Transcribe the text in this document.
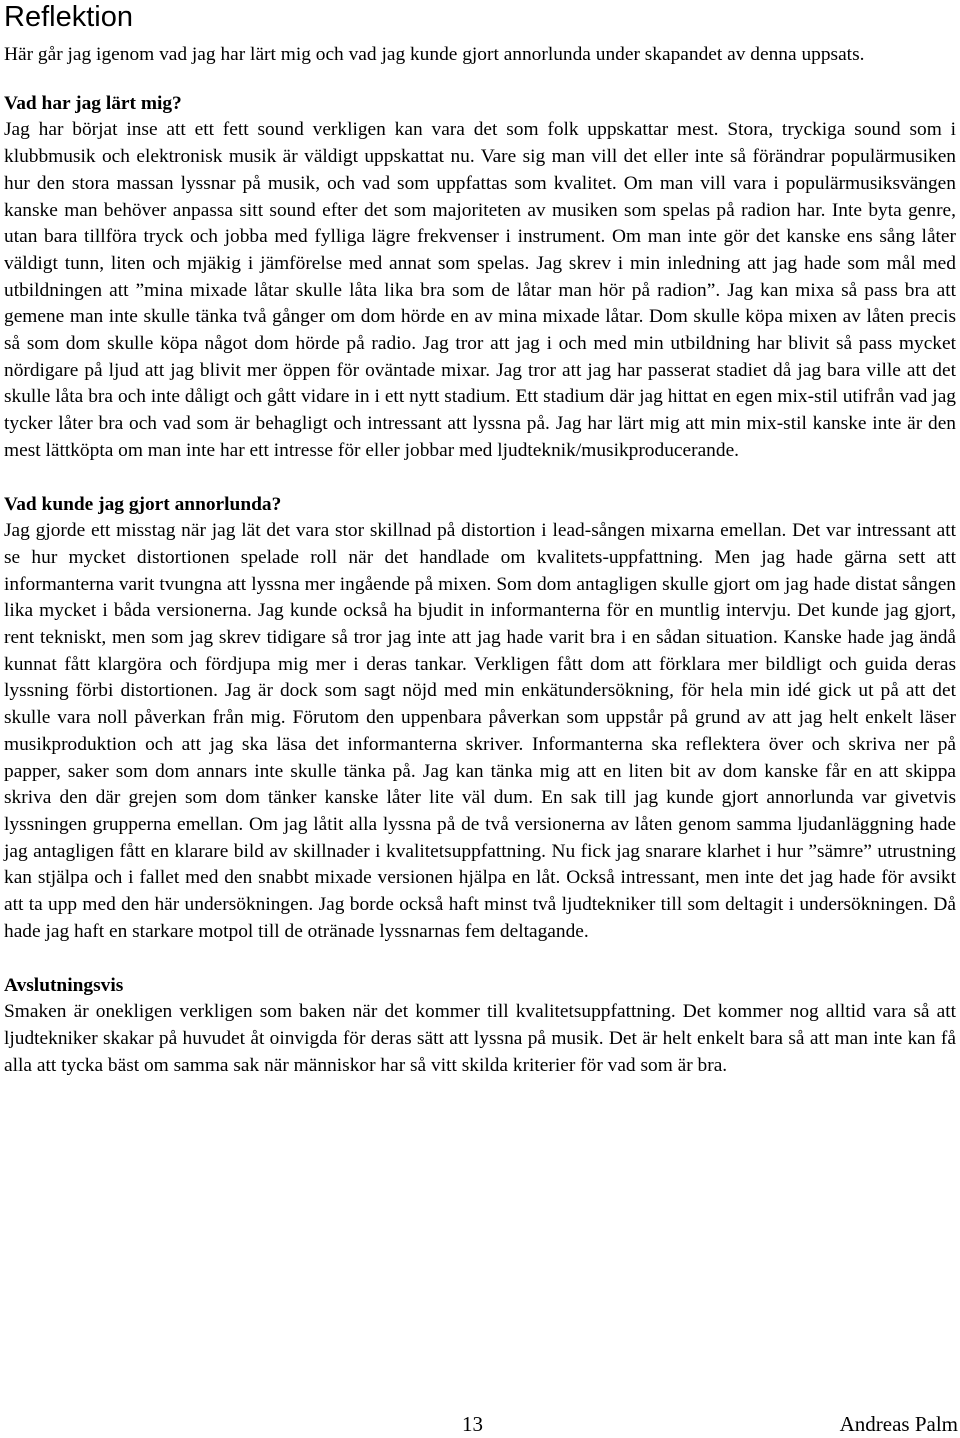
Reflektion

Här går jag igenom vad jag har lärt mig och vad jag kunde gjort annorlunda under skapandet av denna uppsats.

Vad har jag lärt mig?

Jag har börjat inse att ett fett sound verkligen kan vara det som folk uppskattar mest. Stora, tryckiga sound som i klubbmusik och elektronisk musik är väldigt uppskattat nu. Vare sig man vill det eller inte så förändrar populärmusiken hur den stora massan lyssnar på musik, och vad som uppfattas som kvalitet. Om man vill vara i populärmusiksvängen kanske man behöver anpassa sitt sound efter det som majoriteten av musiken som spelas på radion har. Inte byta genre, utan bara tillföra tryck och jobba med fylliga lägre frekvenser i instrument. Om man inte gör det kanske ens sång låter väldigt tunn, liten och mjäkig i jämförelse med annat som spelas. Jag skrev i min inledning att jag hade som mål med utbildningen att ”mina mixade låtar skulle låta lika bra som de låtar man hör på radion”. Jag kan mixa så pass bra att gemene man inte skulle tänka två gånger om dom hörde en av mina mixade låtar. Dom skulle köpa mixen av låten precis så som dom skulle köpa något dom hörde på radio. Jag tror att jag i och med min utbildning har blivit så pass mycket nördigare på ljud att jag blivit mer öppen för oväntade mixar. Jag tror att jag har passerat stadiet då jag bara ville att det skulle låta bra och inte dåligt och gått vidare in i ett nytt stadium. Ett stadium där jag hittat en egen mix-stil utifrån vad jag tycker låter bra och vad som är behagligt och intressant att lyssna på. Jag har lärt mig att min mix-stil kanske inte är den mest lättköpta om man inte har ett intresse för eller jobbar med ljudteknik/musikproducerande.

Vad kunde jag gjort annorlunda?

Jag gjorde ett misstag när jag lät det vara stor skillnad på distortion i lead-sången mixarna emellan. Det var intressant att se hur mycket distortionen spelade roll när det handlade om kvalitets-uppfattning. Men jag hade gärna sett att informanterna varit tvungna att lyssna mer ingående på mixen. Som dom antagligen skulle gjort om jag hade distat sången lika mycket i båda versionerna. Jag kunde också ha bjudit in informanterna för en muntlig intervju. Det kunde jag gjort, rent tekniskt, men som jag skrev tidigare så tror jag inte att jag hade varit bra i en sådan situation. Kanske hade jag ändå kunnat fått klargöra och fördjupa mig mer i deras tankar. Verkligen fått dom att förklara mer bildligt och guida deras lyssning förbi distortionen. Jag är dock som sagt nöjd med min enkätundersökning, för hela min idé gick ut på att det skulle vara noll påverkan från mig. Förutom den uppenbara påverkan som uppstår på grund av att jag helt enkelt läser musikproduktion och att jag ska läsa det informanterna skriver. Informanterna ska reflektera över och skriva ner på papper, saker som dom annars inte skulle tänka på. Jag kan tänka mig att en liten bit av dom kanske får en att skippa skriva den där grejen som dom tänker kanske låter lite väl dum. En sak till jag kunde gjort annorlunda var givetvis lyssningen grupperna emellan. Om jag låtit alla lyssna på de två versionerna av låten genom samma ljudanläggning hade jag antagligen fått en klarare bild av skillnader i kvalitetsuppfattning. Nu fick jag snarare klarhet i hur ”sämre” utrustning kan stjälpa och i fallet med den snabbt mixade versionen hjälpa en låt. Också intressant, men inte det jag hade för avsikt att ta upp med den här undersökningen. Jag borde också haft minst två ljudtekniker till som deltagit i undersökningen. Då hade jag haft en starkare motpol till de otränade lyssnarnas fem deltagande.

Avslutningsvis

Smaken är onekligen verkligen som baken när det kommer till kvalitetsuppfattning. Det kommer nog alltid vara så att ljudtekniker skakar på huvudet åt oinvigda för deras sätt att lyssna på musik. Det är helt enkelt bara så att man inte kan få alla att tycka bäst om samma sak när människor har så vitt skilda kriterier för vad som är bra.

13	Andreas Palm
